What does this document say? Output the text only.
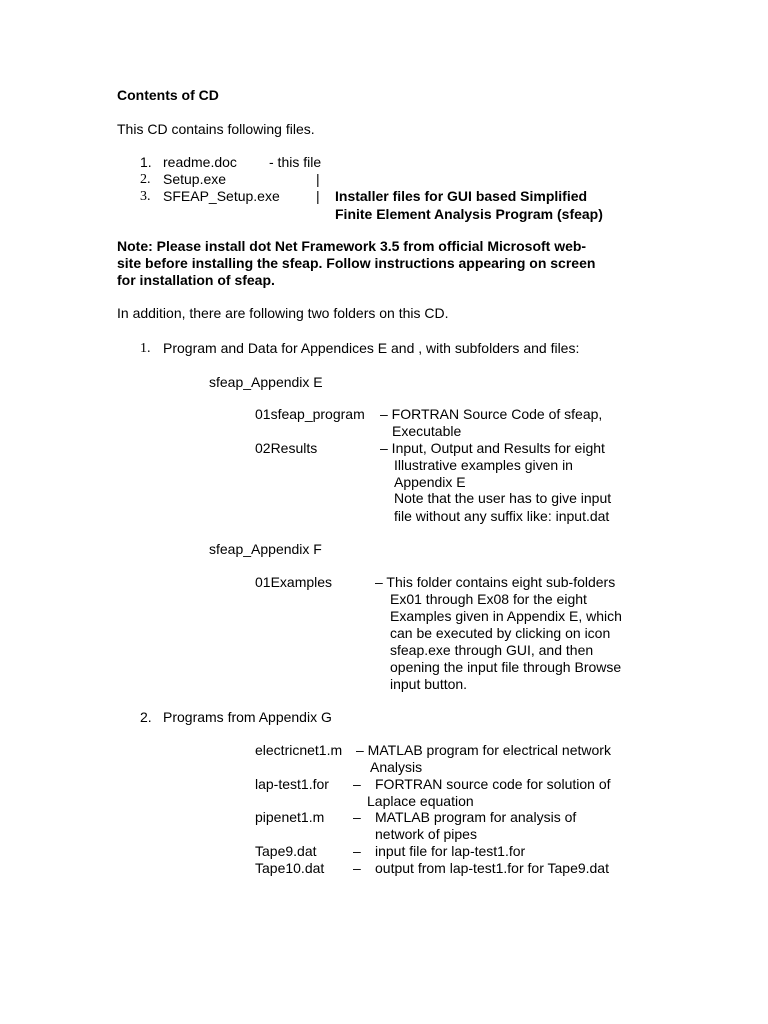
Contents of CD
This CD contains following files.
1. readme.doc - this file
2. Setup.exe	|
3. SFEAP_Setup.exe	| Installer files for GUI based Simplified
Finite Element Analysis Program (sfeap)
Note: Please install dot Net Framework 3.5 from official Microsoft web-
site before installing the sfeap. Follow instructions appearing on screen
for installation of sfeap.
In addition, there are following two folders on this CD.
1. Program and Data for Appendices E and , with subfolders and files:
sfeap_Appendix E
01sfeap_program – FORTRAN Source Code of sfeap,
Executable
02Results	– Input, Output and Results for eight
Illustrative examples given in
Appendix E
Note that the user has to give input
file without any suffix like: input.dat
sfeap_Appendix F
01Examples	– This folder contains eight sub-folders
Ex01 through Ex08 for the eight
Examples given in Appendix E, which
can be executed by clicking on icon
sfeap.exe through GUI, and then
opening the input file through Browse
input button.
2. Programs from Appendix G
electricnet1.m – MATLAB program for electrical network
Analysis
lap-test1.for – FORTRAN source code for solution of
Laplace equation
pipenet1.m – MATLAB program for analysis of
network of pipes
Tape9.dat	– input file for lap-test1.for
Tape10.dat – output from lap-test1.for for Tape9.dat
